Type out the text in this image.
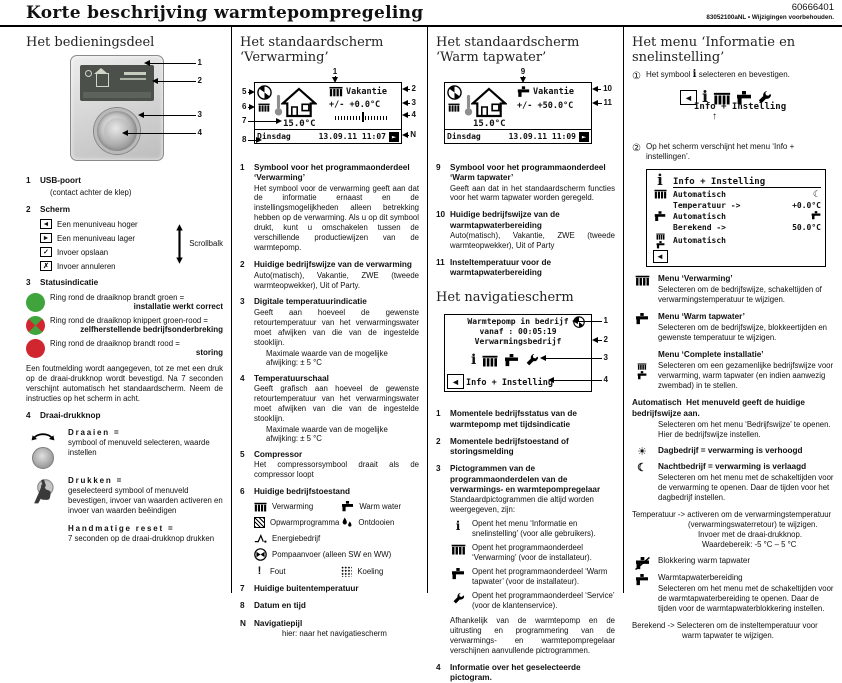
Korte beschrijving warmtepompregeling	60666401
83052100aNL • Wijzigingen voorbehouden.
Het bedieningsdeel
1
2
3
4
1	USB-poort
(contact achter de klep)
2	Scherm
◄ Een menuniveau hoger
► Een menuniveau lager
✓ Invoer opslaan
✗ Invoer annuleren
Scrollbalk
3	Statusindicatie
Ring rond de draaiknop brandt groen =
installatie werkt correct
Ring rond de draaiknop knippert groen-rood =
zelfherstellende bedrijfsonderbreking
Ring rond de draaiknop brandt rood =
storing

Een foutmelding wordt aangegeven, tot ze met een druk op de draai-drukknop wordt bevestigd. Na 7 seconden verschijnt automatisch het standaardscherm. Neem de instructies op het scherm in acht.

4	Draai-drukknop
Draaien =
symbool of menuveld selecteren, waarde instellen
Drukken =
geselecteerd symbool of menuveld bevestigen, invoer van waarden activeren en invoer van waarden beëindigen
Handmatige reset =
7 seconden op de draai-drukknop drukken
Het standaardscherm ‘Verwarming’
15.0°C
Vakantie
+/- +0.0°C
Dinsdag	13.09.11 11:07 ►
1
2
3
4
N
5
6
7
8
1	Symbool voor het programmaonderdeel ‘Verwarming’
Het symbool voor de verwarming geeft aan dat de informatie ernaast en de instellingsmogelijkheden alleen betrekking hebben op de verwarming. Als u op dit symbool drukt, kunt u omschakelen tussen de verschillende productiewijzen van de warmtepomp.
2	Huidige bedrijfswijze van de verwarming
Auto(matisch), Vakantie, ZWE (tweede warmteopwekker), Uit of Party.
3	Digitale temperatuurindicatie
Geeft aan hoeveel de gewenste retourtemperatuur van het verwarmingswater moet afwijken van die van de ingestelde stooklijn.
Maximale waarde van de mogelijke afwijking: ± 5 °C
4	Temperatuurschaal
Geeft grafisch aan hoeveel de gewenste retourtemperatuur van het verwarmingswater moet afwijken van die van de ingestelde stooklijn.
Maximale waarde van de mogelijke afwijking: ± 5 °C
5	Compressor
Het compressorsymbool draait als de compressor loopt
6	Huidige bedrijfstoestand
Verwarming	Warm water
Opwarmprogramma Ontdooien
Energiebedrijf
Pompaanvoer (alleen SW en WW)
!	Fout	Koeling
7	Huidige buitentemperatuur
8	Datum en tijd
N Navigatiepijl
hier: naar het navigatiescherm
Het standaardscherm ‘Warm tapwater’
15.0°C
Vakantie
+/- +50.0°C
Dinsdag	13.09.11 11:09 ►
9
10
11
9	Symbool voor het programmaonderdeel ‘Warm tapwater’
Geeft aan dat in het standaardscherm functies voor het warm tapwater worden geregeld.
10 Huidige bedrijfswijze van de warmtapwaterbereiding
Auto(matisch), Vakantie, ZWE (tweede warmteopwekker), Uit of Party
11 Insteltemperatuur voor de warmtapwaterbereiding
Het navigatiescherm
Warmtepomp in bedrijf
vanaf : 00:05:19
Verwarmingsbedrijf
i
◄ Info + Instelling
1
2
3
4
1	Momentele bedrijfsstatus van de warmtepomp met tijdsindicatie
2	Momentele bedrijfstoestand of storingsmelding
3	Pictogrammen van de programmaonderdelen van de verwarmings- en warmtepompregelaar
Standaardpictogrammen die altijd worden weergegeven, zijn:
i	Opent het menu ‘Informatie en snelinstelling’ (voor alle gebruikers).
Opent het programmaonderdeel ‘Verwarming’ (voor de installateur).
Opent het programmaonderdeel ‘Warm tapwater’ (voor de installateur).
Opent het programmaonderdeel ‘Service’ (voor de klantenservice).
Afhankelijk van de warmtepomp en de uitrusting en programmering van de verwarmings- en warmtepompregelaar verschijnen aanvullende pictrogrammen.
4	Informatie over het geselecteerde pictogram.
Het menu ‘Informatie en snelinstelling’
① Het symbool i selecteren en bevestigen.
◄ i
Info + Instelling
↑
② Op het scherm verschijnt het menu ‘Info + instellingen’.
i	Info + Instelling
Automatisch	☾
Temperatuur ->	+0.0°C
Automatisch
Berekend ->	50.0°C
Automatisch
◄
Menu ‘Verwarming’
Selecteren om de bedrijfswijze, schakeltijden of verwarmingstemperatuur te wijzigen.
Menu ‘Warm tapwater’
Selecteren om de bedrijfswijze, blokkeertijden en gewenste temperatuur te wijzigen.
Menu ‘Complete installatie’
Selecteren om een gezamenlijke bedrijfswijze voor verwarming, warm tapwater (en indien aanwezig zwembad) in te stellen.
Automatisch Het menuveld geeft de huidige bedrijfswijze aan.
Selecteren om het menu ‘Bedrijfswijze’ te openen. Hier de bedrijfswijze instellen.
☀	Dagbedrijf = verwarming is verhoogd
☾	Nachtbedrijf = verwarming is verlaagd
Selecteren om het menu met de schakeltijden voor de verwarming te openen. Daar de tijden voor het dagbedrijf instellen.
Temperatuur -> activeren om de verwarmingstemperatuur (verwarmingswaterretour) te wijzigen.
Invoer met de draai-drukknop.
Waardebereik: -5 °C – 5 °C
Blokkering warm tapwater
Warmtapwaterbereiding
Selecteren om het menu met de schakeltijden voor de warmtapwaterbereiding te openen. Daar de tijden voor de warmtapwaterblokkering instellen.
Berekend -> Selecteren om de insteltemperatuur voor warm tapwater te wijzigen.
